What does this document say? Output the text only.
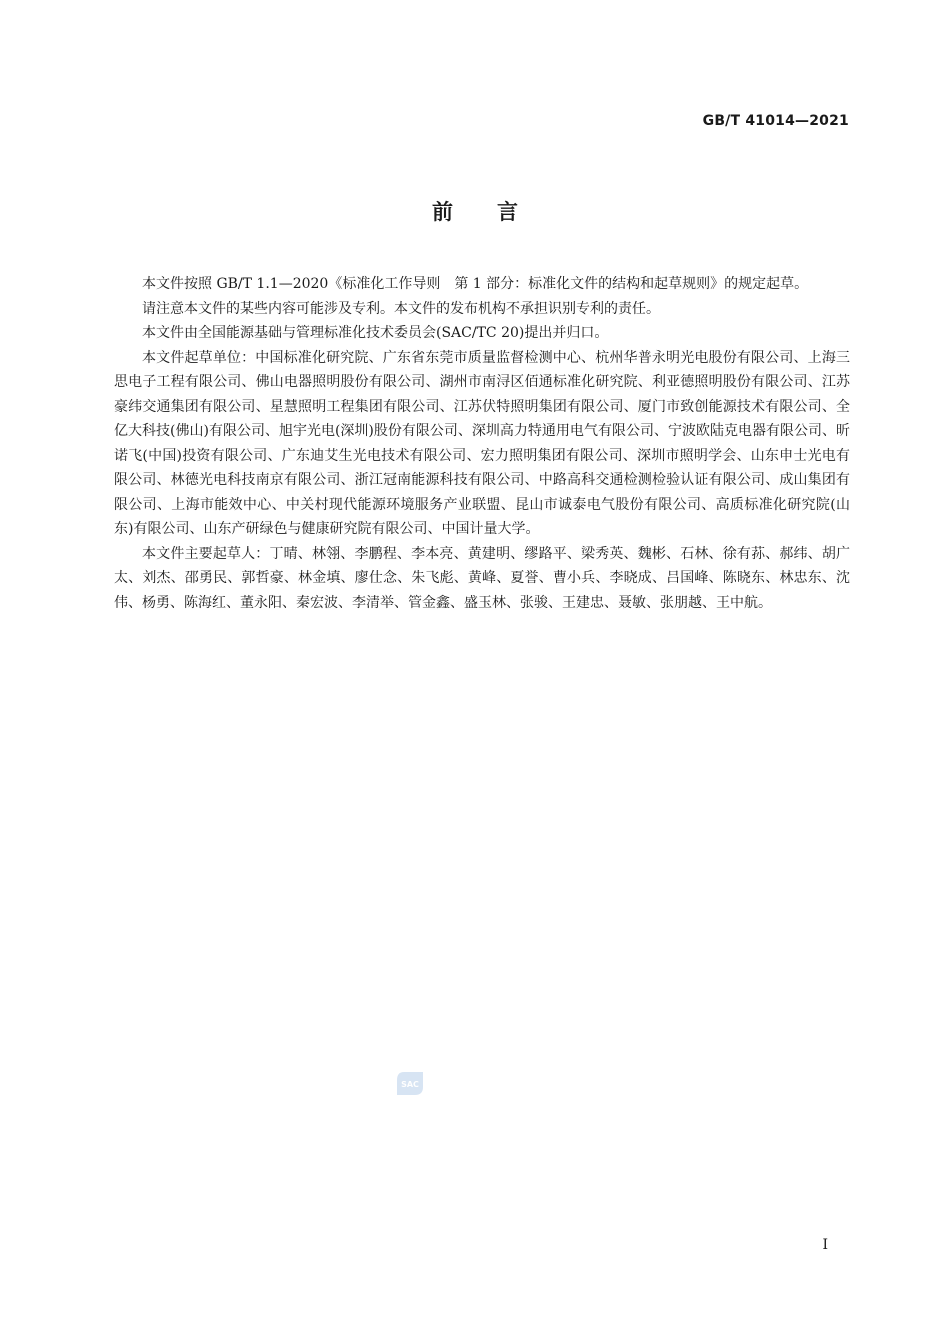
GB/T 41014—2021
前言

本文件按照 GB/T 1.1—2020《标准化工作导则　第 1 部分：标准化文件的结构和起草规则》的规定起草。

请注意本文件的某些内容可能涉及专利。本文件的发布机构不承担识别专利的责任。

本文件由全国能源基础与管理标准化技术委员会(SAC/TC 20)提出并归口。

本文件起草单位：中国标准化研究院、广东省东莞市质量监督检测中心、杭州华普永明光电股份有限公司、上海三思电子工程有限公司、佛山电器照明股份有限公司、湖州市南浔区佰通标准化研究院、利亚德照明股份有限公司、江苏豪纬交通集团有限公司、星慧照明工程集团有限公司、江苏伏特照明集团有限公司、厦门市致创能源技术有限公司、全亿大科技(佛山)有限公司、旭宇光电(深圳)股份有限公司、深圳高力特通用电气有限公司、宁波欧陆克电器有限公司、昕诺飞(中国)投资有限公司、广东迪艾生光电技术有限公司、宏力照明集团有限公司、深圳市照明学会、山东申士光电有限公司、林德光电科技南京有限公司、浙江冠南能源科技有限公司、中路高科交通检测检验认证有限公司、成山集团有限公司、上海市能效中心、中关村现代能源环境服务产业联盟、昆山市诚泰电气股份有限公司、高质标准化研究院(山东)有限公司、山东产研绿色与健康研究院有限公司、中国计量大学。

本文件主要起草人：丁晴、林翎、李鹏程、李本亮、黄建明、缪路平、梁秀英、魏彬、石林、徐有荪、郝纬、胡广太、刘杰、邵勇民、郭哲豪、林金填、廖仕念、朱飞彪、黄峰、夏誉、曹小兵、李晓成、吕国峰、陈晓东、林忠东、沈伟、杨勇、陈海红、董永阳、秦宏波、李清举、管金鑫、盛玉林、张骏、王建忠、聂敏、张朋越、王中航。

SAC
I
